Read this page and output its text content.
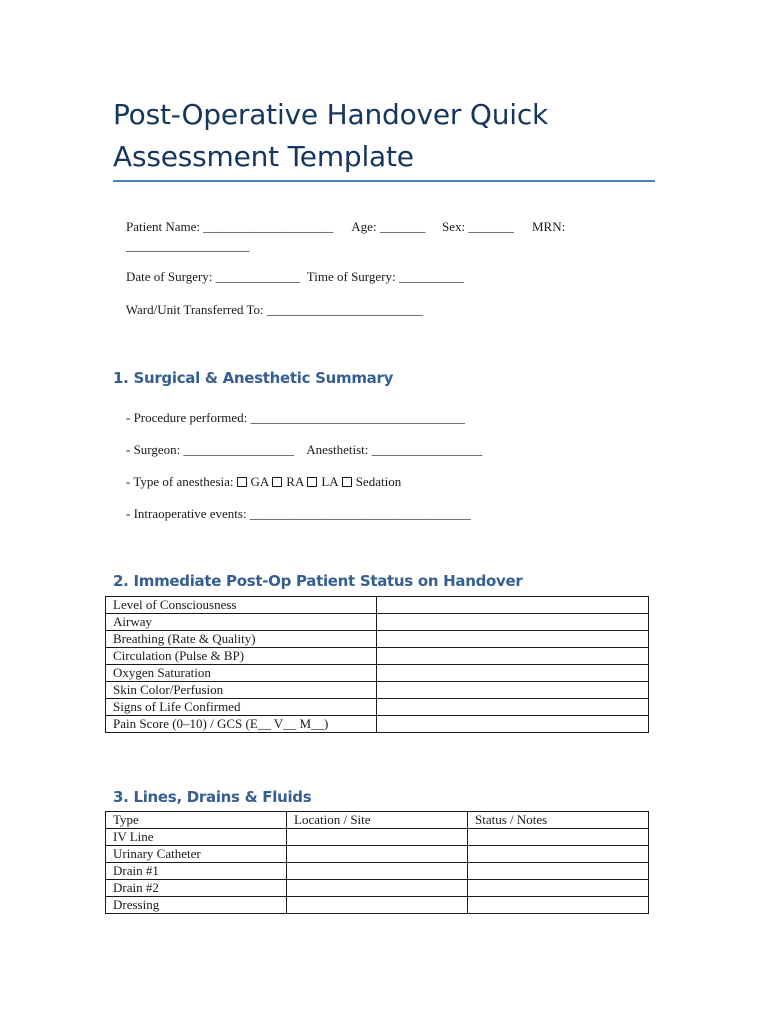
Post-Operative Handover Quick Assessment Template

Patient Name: ____________________
	Age: _______
	Sex: _______
	MRN:

___________________

Date of Surgery: _____________
Time of Surgery: __________

Ward/Unit Transferred To: ________________________

1. Surgical & Anesthetic Summary

- Procedure performed: _________________________________

- Surgeon: _________________
Anesthetist: _________________

- Type of anesthesia: GA RA LA Sedation

- Intraoperative events: __________________________________

2. Immediate Post-Op Patient Status on Handover
Level of Consciousness	
Airway	
Breathing (Rate & Quality)	
Circulation (Pulse & BP)	
Oxygen Saturation	
Skin Color/Perfusion	
Signs of Life Confirmed	
Pain Score (0–10) / GCS (E__ V__ M__)	
3. Lines, Drains & Fluids
Type	Location / Site	Status / Notes
IV Line		
Urinary Catheter		
Drain #1		
Drain #2		
Dressing		
